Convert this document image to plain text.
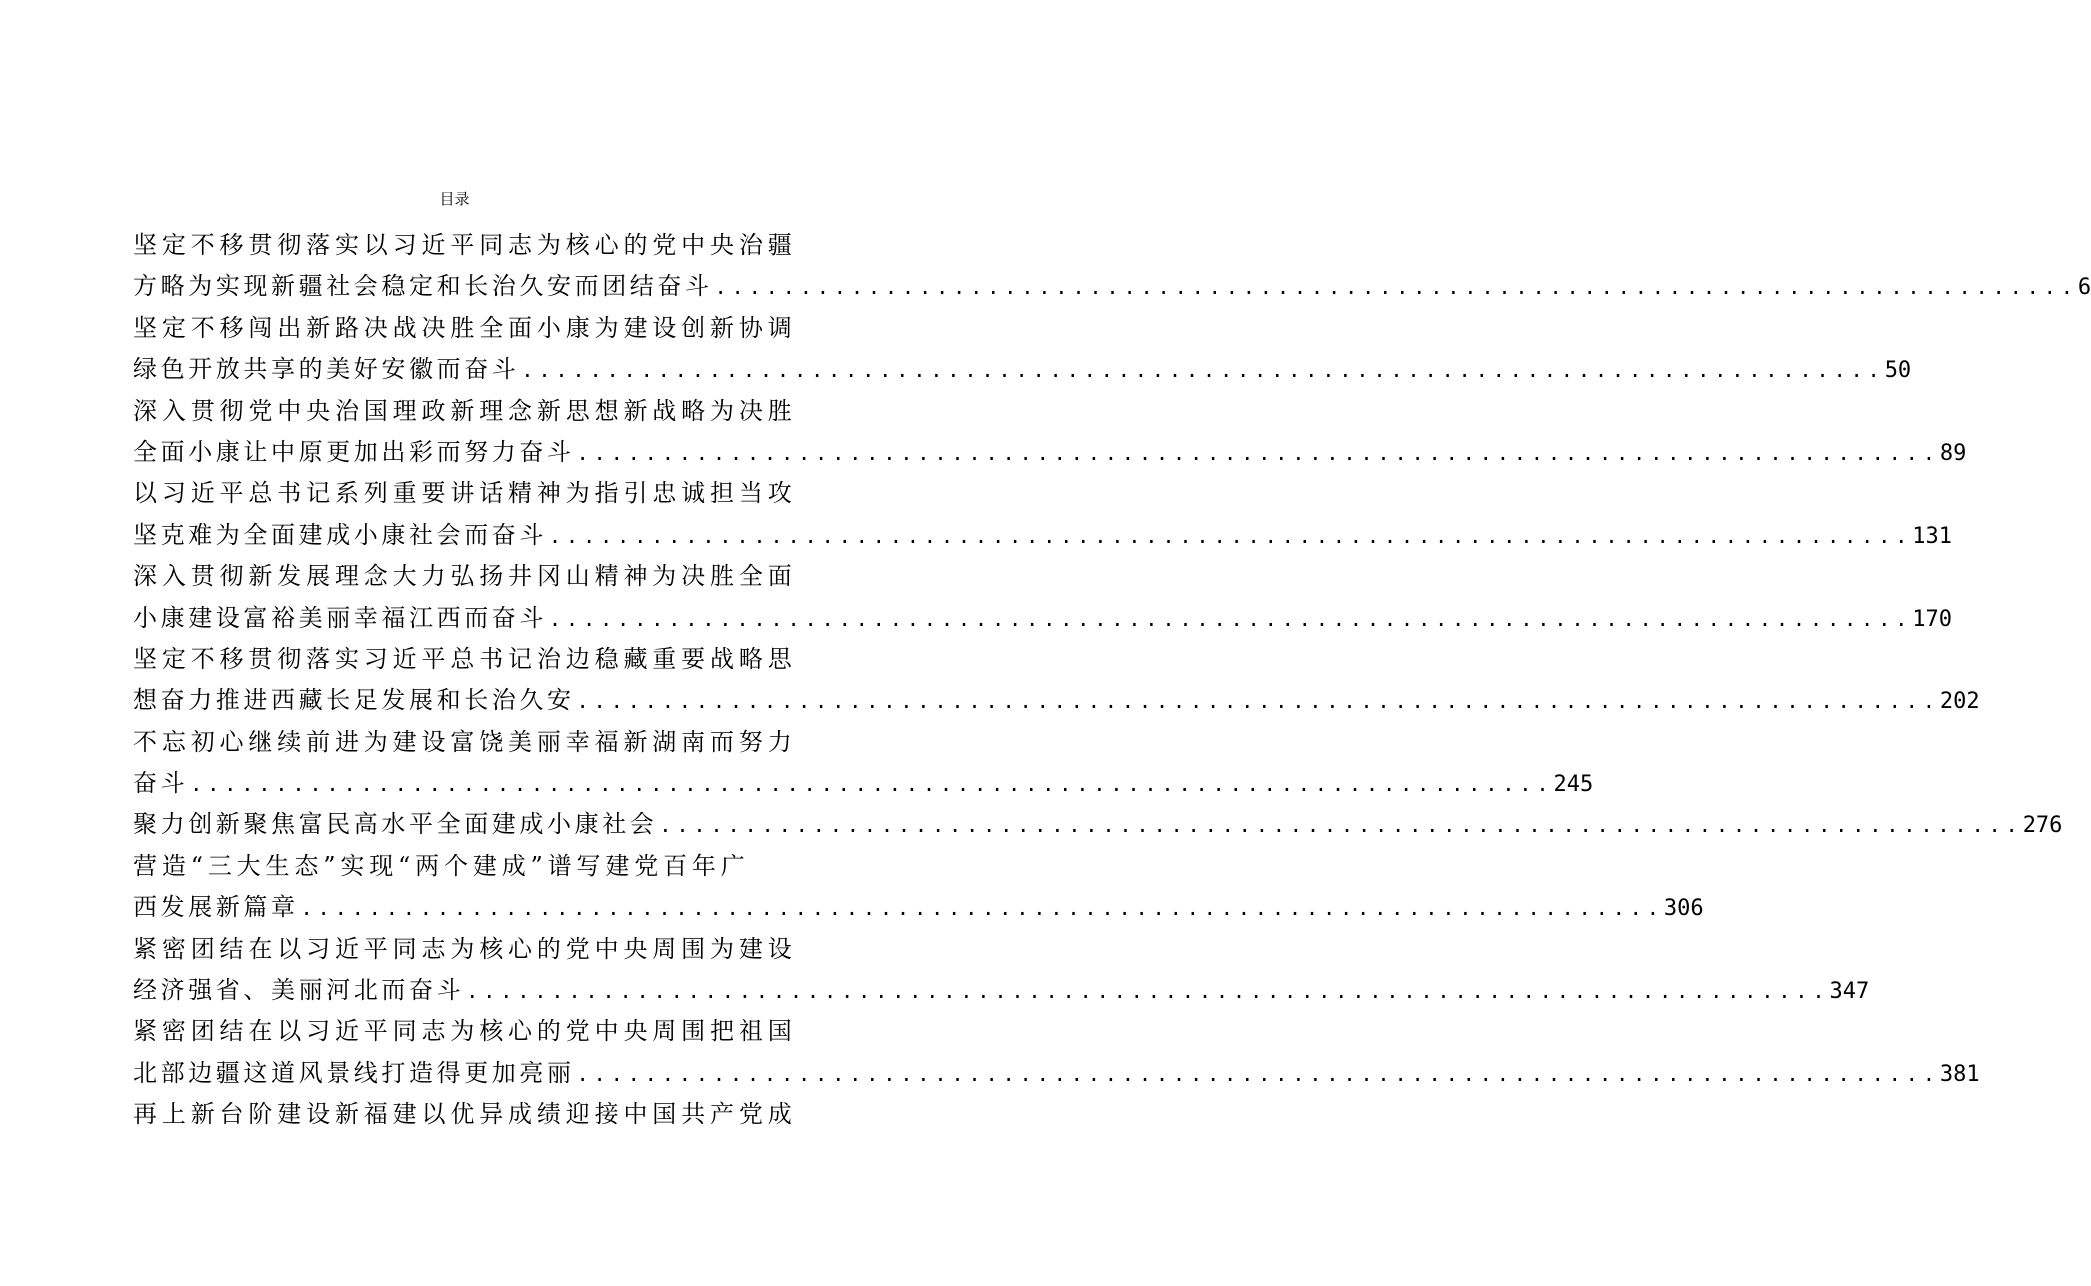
目录
坚定不移贯彻落实以习近平同志为核心的党中央治疆
方略为实现新疆社会稳定和长治久安而团结奋斗 ................................................................................ 6
坚定不移闯出新路决战决胜全面小康为建设创新协调
绿色开放共享的美好安徽而奋斗 ................................................................................ 50
深入贯彻党中央治国理政新理念新思想新战略为决胜
全面小康让中原更加出彩而努力奋斗 ................................................................................ 89
以习近平总书记系列重要讲话精神为指引忠诚担当攻
坚克难为全面建成小康社会而奋斗 ................................................................................ 131
深入贯彻新发展理念大力弘扬井冈山精神为决胜全面
小康建设富裕美丽幸福江西而奋斗 ................................................................................ 170
坚定不移贯彻落实习近平总书记治边稳藏重要战略思
想奋力推进西藏长足发展和长治久安 ................................................................................ 202
不忘初心继续前进为建设富饶美丽幸福新湖南而努力
奋斗 ................................................................................ 245
聚力创新聚焦富民高水平全面建成小康社会 ................................................................................ 276
营造“三大生态”实现“两个建成”谱写建党百年广
西发展新篇章 ................................................................................ 306
紧密团结在以习近平同志为核心的党中央周围为建设
经济强省、美丽河北而奋斗 ................................................................................ 347
紧密团结在以习近平同志为核心的党中央周围把祖国
北部边疆这道风景线打造得更加亮丽 ................................................................................ 381
再上新台阶建设新福建以优异成绩迎接中国共产党成
